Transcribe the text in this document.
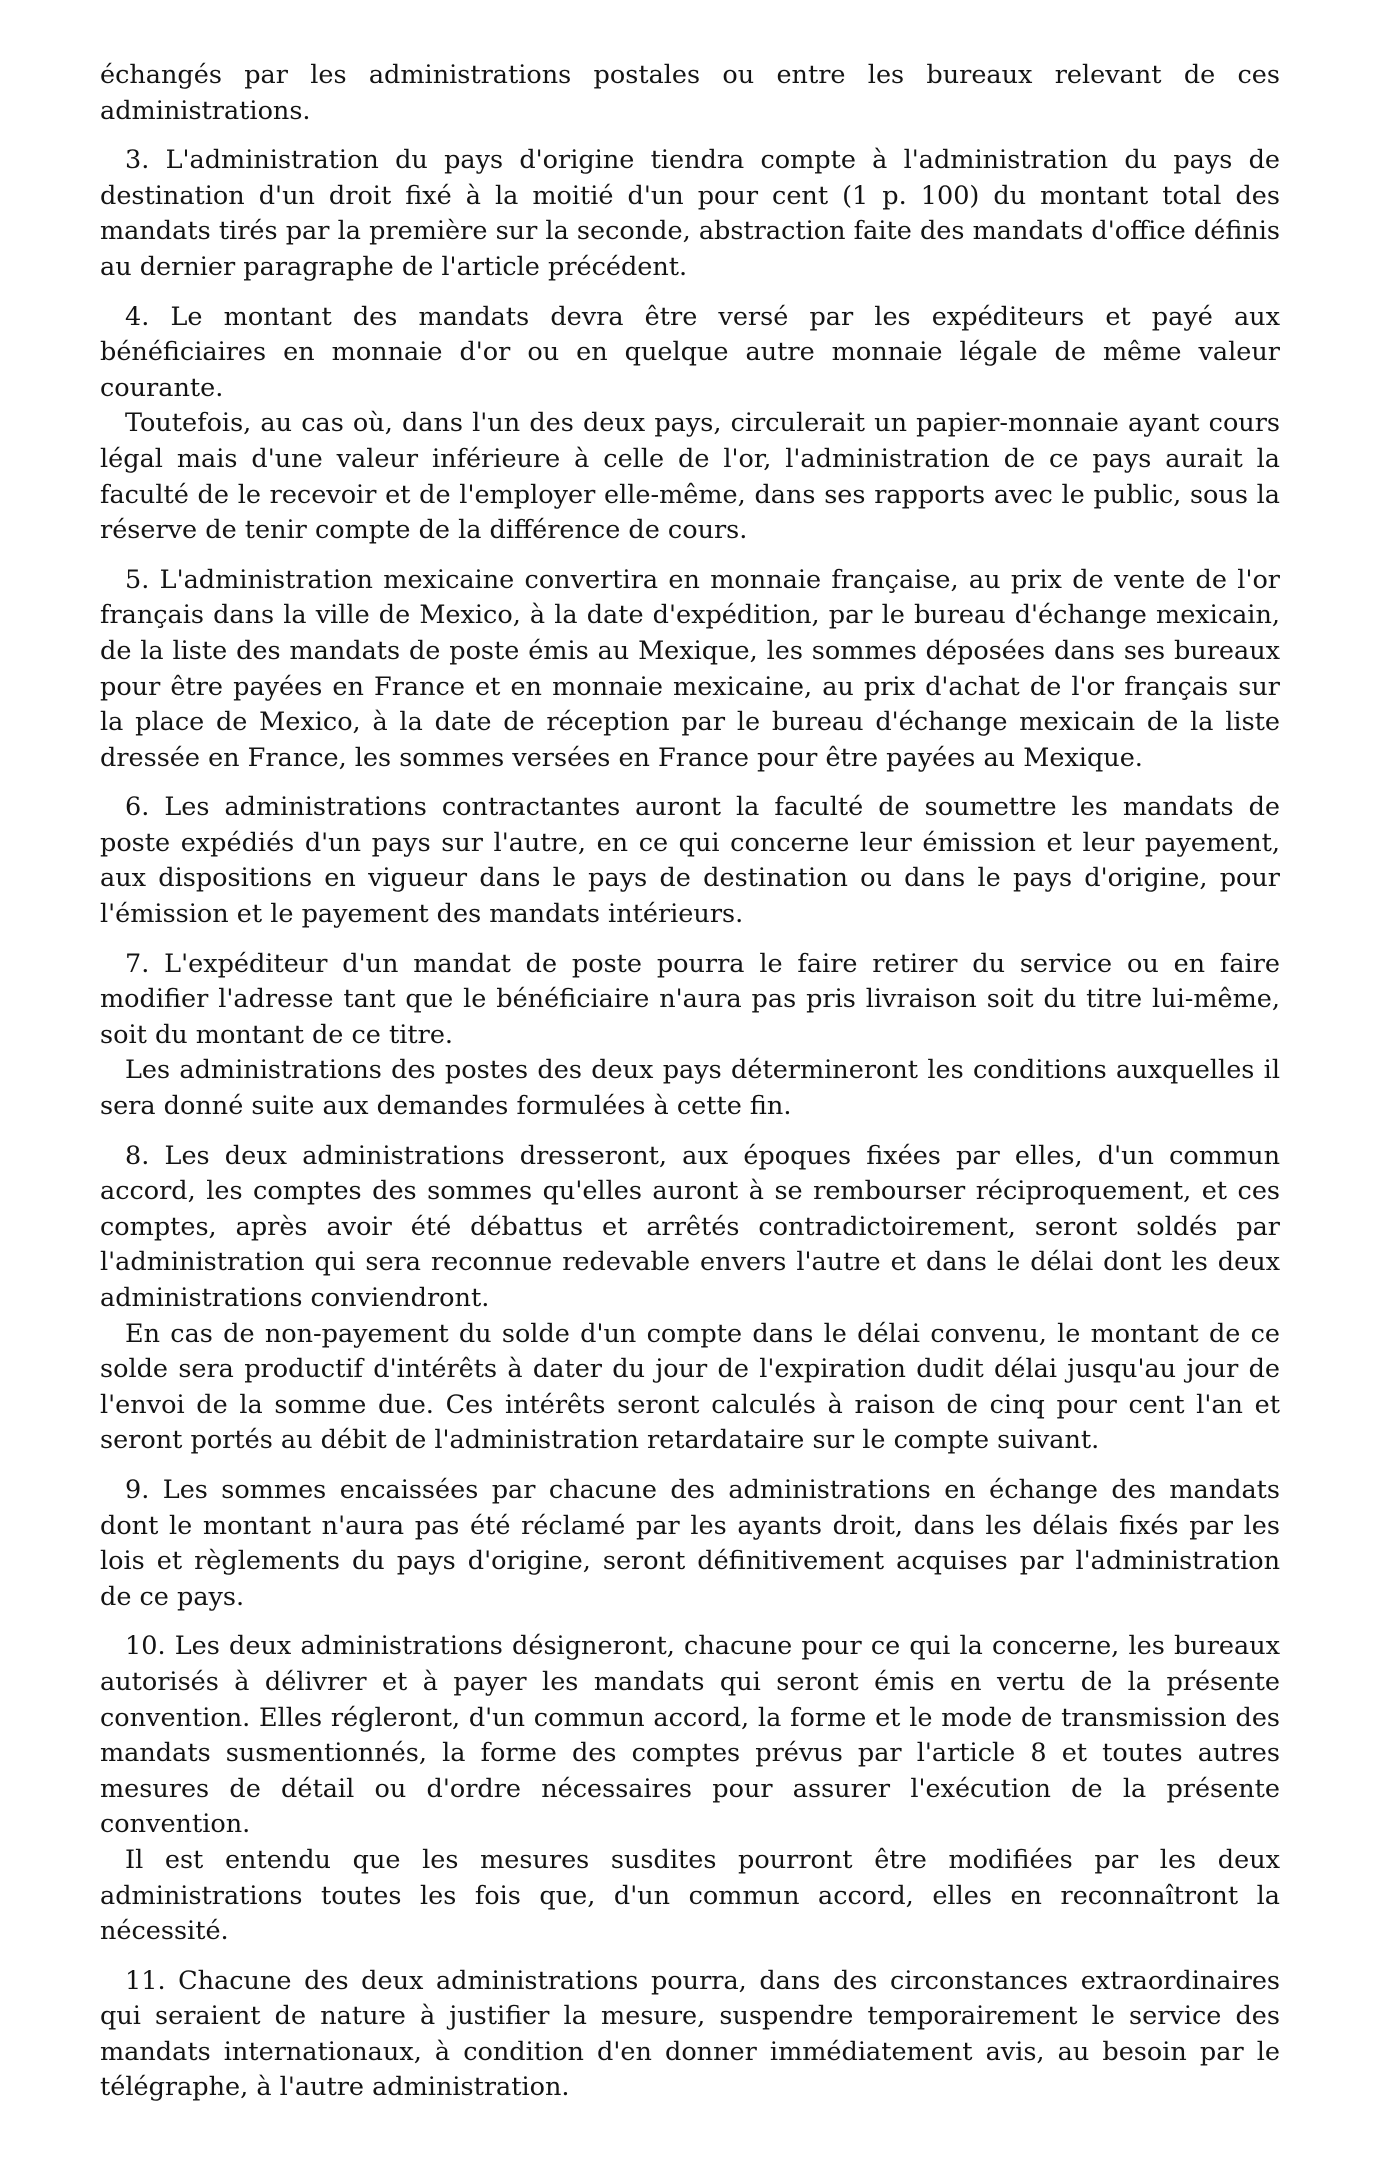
échangés par les administrations postales ou entre les bureaux relevant de ces administrations.

3. L'administration du pays d'origine tiendra compte à l'administration du pays de destination d'un droit fixé à la moitié d'un pour cent (1 p. 100) du montant total des mandats tirés par la première sur la seconde, abstraction faite des mandats d'office définis au dernier paragraphe de l'article précédent.

4. Le montant des mandats devra être versé par les expéditeurs et payé aux bénéficiaires en monnaie d'or ou en quelque autre monnaie légale de même valeur courante.

Toutefois, au cas où, dans l'un des deux pays, circulerait un papier-monnaie ayant cours légal mais d'une valeur inférieure à celle de l'or, l'administration de ce pays aurait la faculté de le recevoir et de l'employer elle-même, dans ses rapports avec le public, sous la réserve de tenir compte de la différence de cours.

5. L'administration mexicaine convertira en monnaie française, au prix de vente de l'or français dans la ville de Mexico, à la date d'expédition, par le bureau d'échange mexicain, de la liste des mandats de poste émis au Mexique, les sommes déposées dans ses bureaux pour être payées en France et en monnaie mexicaine, au prix d'achat de l'or français sur la place de Mexico, à la date de réception par le bureau d'échange mexicain de la liste dressée en France, les sommes versées en France pour être payées au Mexique.

6. Les administrations contractantes auront la faculté de soumettre les mandats de poste expédiés d'un pays sur l'autre, en ce qui concerne leur émission et leur payement, aux dispositions en vigueur dans le pays de destination ou dans le pays d'origine, pour l'émission et le payement des mandats intérieurs.

7. L'expéditeur d'un mandat de poste pourra le faire retirer du service ou en faire modifier l'adresse tant que le bénéficiaire n'aura pas pris livraison soit du titre lui-même, soit du montant de ce titre.

Les administrations des postes des deux pays détermineront les conditions auxquelles il sera donné suite aux demandes formulées à cette fin.

8. Les deux administrations dresseront, aux époques fixées par elles, d'un commun accord, les comptes des sommes qu'elles auront à se rembourser réciproquement, et ces comptes, après avoir été débattus et arrêtés contradictoirement, seront soldés par l'administration qui sera reconnue redevable envers l'autre et dans le délai dont les deux administrations conviendront.

En cas de non-payement du solde d'un compte dans le délai convenu, le montant de ce solde sera productif d'intérêts à dater du jour de l'expiration dudit délai jusqu'au jour de l'envoi de la somme due. Ces intérêts seront calculés à raison de cinq pour cent l'an et seront portés au débit de l'administration retardataire sur le compte suivant.

9. Les sommes encaissées par chacune des administrations en échange des mandats dont le montant n'aura pas été réclamé par les ayants droit, dans les délais fixés par les lois et règlements du pays d'origine, seront définitivement acquises par l'administration de ce pays.

10. Les deux administrations désigneront, chacune pour ce qui la concerne, les bureaux autorisés à délivrer et à payer les mandats qui seront émis en vertu de la présente convention. Elles régleront, d'un commun accord, la forme et le mode de transmission des mandats susmentionnés, la forme des comptes prévus par l'article 8 et toutes autres mesures de détail ou d'ordre nécessaires pour assurer l'exécution de la présente convention.

Il est entendu que les mesures susdites pourront être modifiées par les deux administrations toutes les fois que, d'un commun accord, elles en reconnaîtront la nécessité.

11. Chacune des deux administrations pourra, dans des circonstances extraordinaires qui seraient de nature à justifier la mesure, suspendre temporairement le service des mandats internationaux, à condition d'en donner immédiatement avis, au besoin par le télégraphe, à l'autre administration.
